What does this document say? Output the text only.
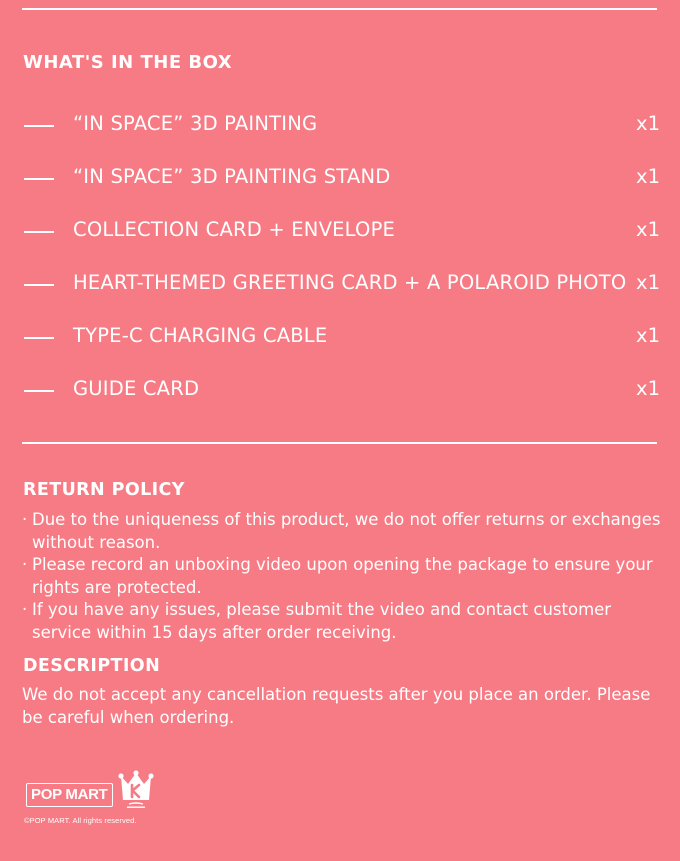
WHAT'S IN THE BOX
“IN SPACE” 3D PAINTING	x1
“IN SPACE” 3D PAINTING STAND	x1
COLLECTION CARD + ENVELOPE	x1
HEART-THEMED GREETING CARD + A POLAROID PHOTO x1
TYPE-C CHARGING CABLE	x1
GUIDE CARD	x1
RETURN POLICY
· Due to the uniqueness of this product, we do not offer returns or exchanges without reason.
· Please record an unboxing video upon opening the package to ensure your rights are protected.
· If you have any issues, please submit the video and contact customer service within 15 days after order receiving.
DESCRIPTION
We do not accept any cancellation requests after you place an order. Please be careful when ordering.
POP MART
©POP MART. All rights reserved.
